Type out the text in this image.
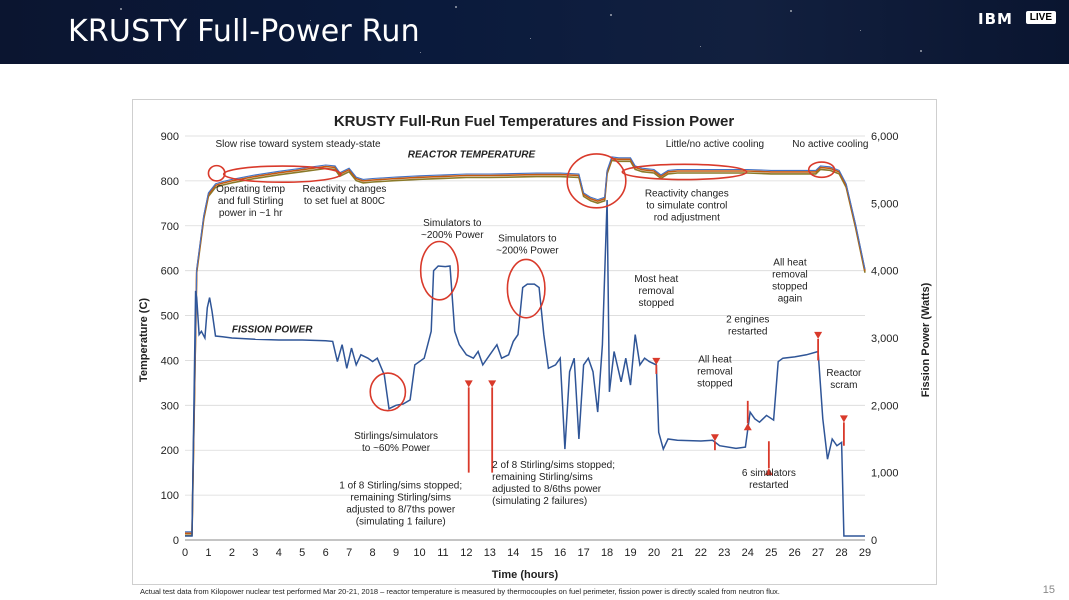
KRUSTY Full-Power Run	IBM	LIVE
KRUSTY Full-Run Fuel Temperatures and Fission Power
0
100
200
300
400
500
600
700
800
900
0
1,000
2,000
3,000
4,000
5,000
6,000
0 1 2 3 4 5 6 7 8 9 10 11 12 13 14 15 16 17 18 19 20 21 22 23 24 25 26 27 28 29
Slow rise toward system steady-state
REACTOR TEMPERATURE
Little/no active cooling	No active cooling
Operating temp and full Stirling power in ~1 hr
Reactivity changes to set fuel at 800C
Reactivity changes to simulate control rod adjustment
Simulators to ~200% Power Simulators to ~200% Power
FISSION POWER
Most heat removal stopped
All heat removal stopped again
2 engines restarted
All heat removal stopped
Reactor scram
Stirlings/simulators to ~60% Power
1 of 8 Stirling/sims stopped; remaining Stirling/sims adjusted to 8/7ths power (simulating 1 failure)
2 of 8 Stirling/sims stopped; remaining Stirling/sims adjusted to 8/6ths power (simulating 2 failures)
6 simulators restarted
Time (hours)
Temperature (C)	Fission Power (Watts)
Actual test data from Kilopower nuclear test performed Mar 20-21, 2018 – reactor temperature is measured by thermocouples on fuel perimeter, fission power is directly scaled from neutron flux.	15
